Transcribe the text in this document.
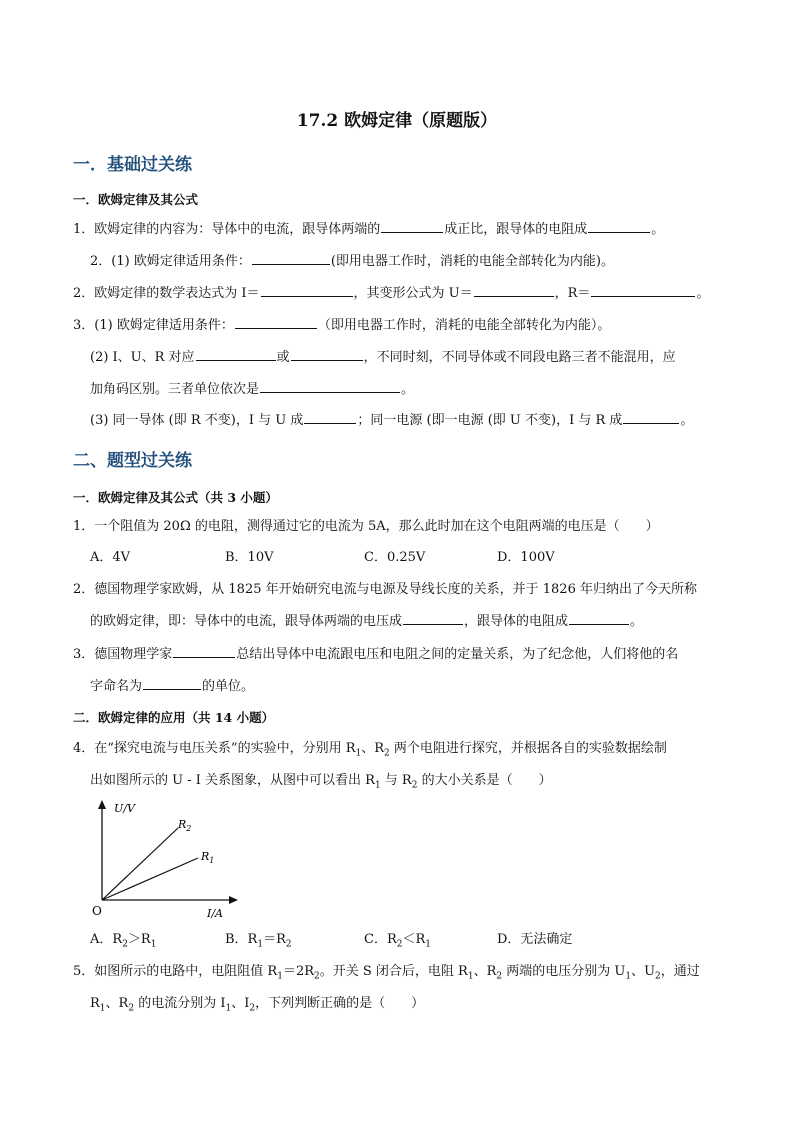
17.2 欧姆定律（原题版）
一．基础过关练
一．欧姆定律及其公式
1．欧姆定律的内容为：导体中的电流，跟导体两端的	成正比，跟导体的电阻成	。
2．(1) 欧姆定律适用条件：	(即用电器工作时，消耗的电能全部转化为内能)。
2．欧姆定律的数学表达式为 I＝	，其变形公式为 U＝	，R＝	。
3．(1) 欧姆定律适用条件：	（即用电器工作时，消耗的电能全部转化为内能）。
(2) I、U、R 对应	或	，不同时刻，不同导体或不同段电路三者不能混用，应
加角码区别。三者单位依次是	。
(3) 同一导体 (即 R 不变)，I 与 U 成	；同一电源 (即一电源 (即 U 不变)，I 与 R 成	。
二、题型过关练
一．欧姆定律及其公式（共 3 小题）
1．一个阻值为 20Ω 的电阻，测得通过它的电流为 5A，那么此时加在这个电阻两端的电压是（　　）
A．4V	B．10V	C．0.25V	D．100V
2．德国物理学家欧姆，从 1825 年开始研究电流与电源及导线长度的关系，并于 1826 年归纳出了今天所称
的欧姆定律，即：导体中的电流，跟导体两端的电压成	，跟导体的电阻成	。
3．德国物理学家	总结出导体中电流跟电压和电阻之间的定量关系，为了纪念他，人们将他的名
字命名为	的单位。
二．欧姆定律的应用（共 14 小题）
4．在“探究电流与电压关系”的实验中，分别用 $R_1$、$R_2$ 两个电阻进行探究，并根据各自的实验数据绘制
出如图所示的 U - I 关系图象，从图中可以看出 $R_1$ 与 $R_2$ 的大小关系是（　　）
U/V
I/A
O
$R_2$
$R_1$
A．$R_2>R_1$	B．$R_1=R_2$	C．$R_2<R_1$	D．无法确定
5．如图所示的电路中，电阻阻值 $R_1=2R_2$。开关 S 闭合后，电阻 $R_1$、$R_2$ 两端的电压分别为 $U_1$、$U_2$，通过
$R_1$、$R_2$ 的电流分别为 $I_1$、$I_2$，下列判断正确的是（　　）
